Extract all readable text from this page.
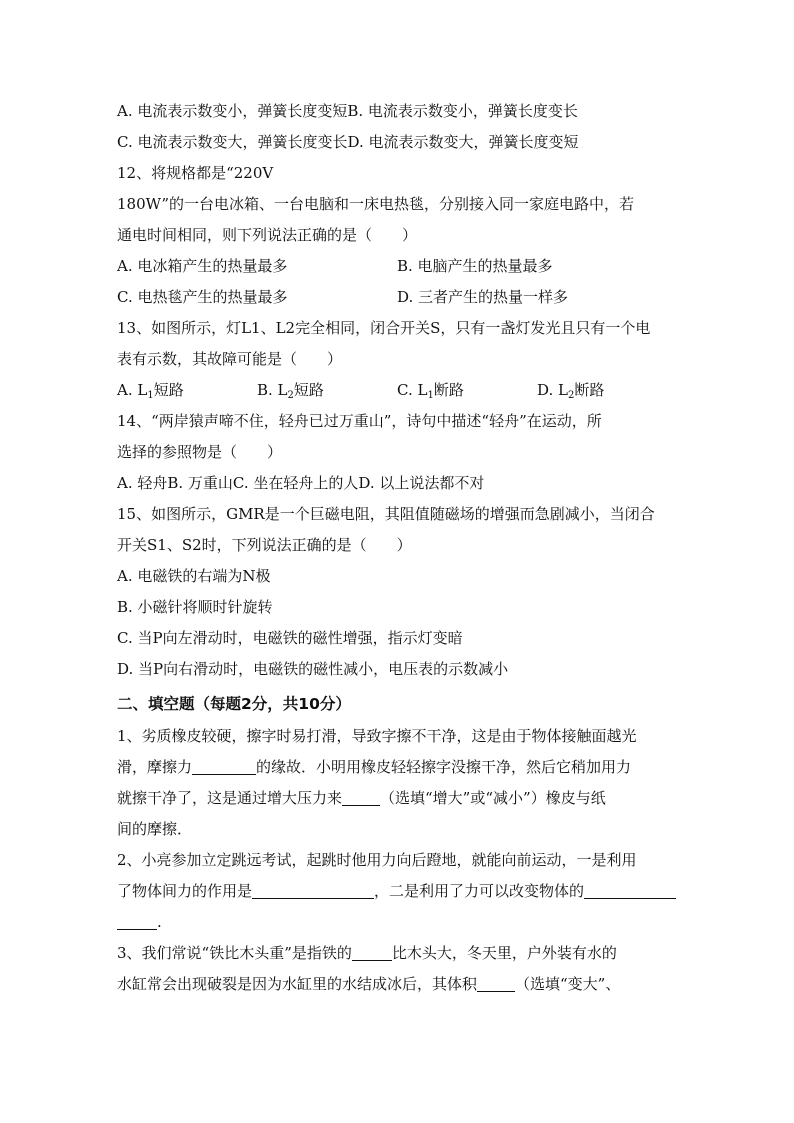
A. 电流表示数变小，弹簧长度变短B. 电流表示数变小，弹簧长度变长
C. 电流表示数变大，弹簧长度变长D. 电流表示数变大，弹簧长度变短
12、将规格都是“220V
180W”的一台电冰箱、一台电脑和一床电热毯，分别接入同一家庭电路中，若
通电时间相同，则下列说法正确的是（　　）
A. 电冰箱产生的热量最多	B. 电脑产生的热量最多
C. 电热毯产生的热量最多	D. 三者产生的热量一样多
13、如图所示，灯L1、L2完全相同，闭合开关S，只有一盏灯发光且只有一个电
表有示数，其故障可能是（　　）
A. $L_1$短路	B. $L_2$短路	C. $L_1$断路	D. $L_2$断路
14、“两岸猿声啼不住，轻舟已过万重山”，诗句中描述“轻舟”在运动，所
选择的参照物是（　　）
A. 轻舟B. 万重山C. 坐在轻舟上的人D. 以上说法都不对
15、如图所示，GMR是一个巨磁电阻，其阻值随磁场的增强而急剧减小，当闭合
开关S1、S2时，下列说法正确的是（　　）
A. 电磁铁的右端为N极
B. 小磁针将顺时针旋转
C. 当P向左滑动时，电磁铁的磁性增强，指示灯变暗
D. 当P向右滑动时，电磁铁的磁性减小，电压表的示数减小
二、填空题（每题2分，共10分）
1、劣质橡皮较硬，擦字时易打滑，导致字擦不干净，这是由于物体接触面越光
滑，摩擦力	的缘故．小明用橡皮轻轻擦字没擦干净，然后它稍加用力
就擦干净了，这是通过增大压力来	（选填“增大”或“减小”）橡皮与纸
间的摩擦．
2、小亮参加立定跳远考试，起跳时他用力向后蹬地，就能向前运动，一是利用
了物体间力的作用是	，二是利用了力可以改变物体的
.
3、我们常说“铁比木头重”是指铁的	比木头大，冬天里，户外装有水的
水缸常会出现破裂是因为水缸里的水结成冰后，其体积	（选填“变大”、
